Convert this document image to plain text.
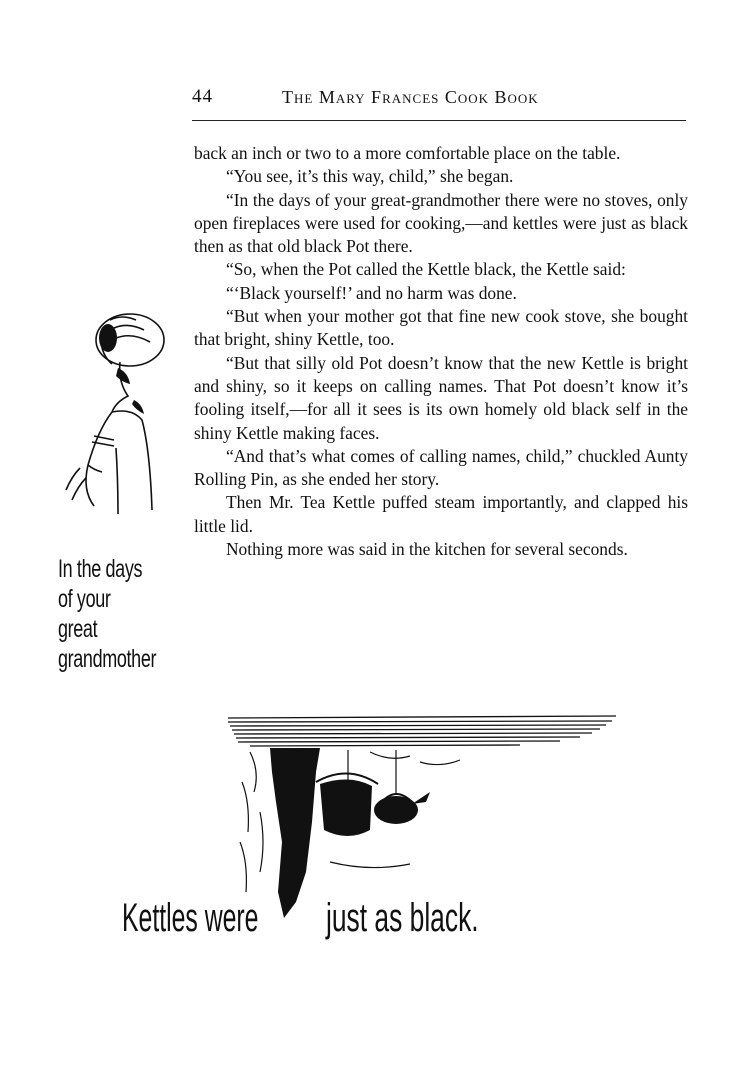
44	The Mary Frances Cook Book

back an inch or two to a more comfortable place on the table.

“You see, it’s this way, child,” she began.

“In the days of your great-grandmother there were no stoves, only open fireplaces were used for cooking,—and kettles were just as black then as that old black Pot there.

“So, when the Pot called the Kettle black, the Kettle said:

“‘Black yourself!’ and no harm was done.

“But when your mother got that fine new cook stove, she bought that bright, shiny Kettle, too.

“But that silly old Pot doesn’t know that the new Kettle is bright and shiny, so it keeps on calling names. That Pot doesn’t know it’s fooling itself,—for all it sees is its own homely old black self in the shiny Kettle making faces.

“And that’s what comes of calling names, child,” chuckled Aunty Rolling Pin, as she ended her story.

Then Mr. Tea Kettle puffed steam importantly, and clapped his little lid.

Nothing more was said in the kitchen for several seconds.

In the days
of your great
grandmother
Kettles were just as black.
